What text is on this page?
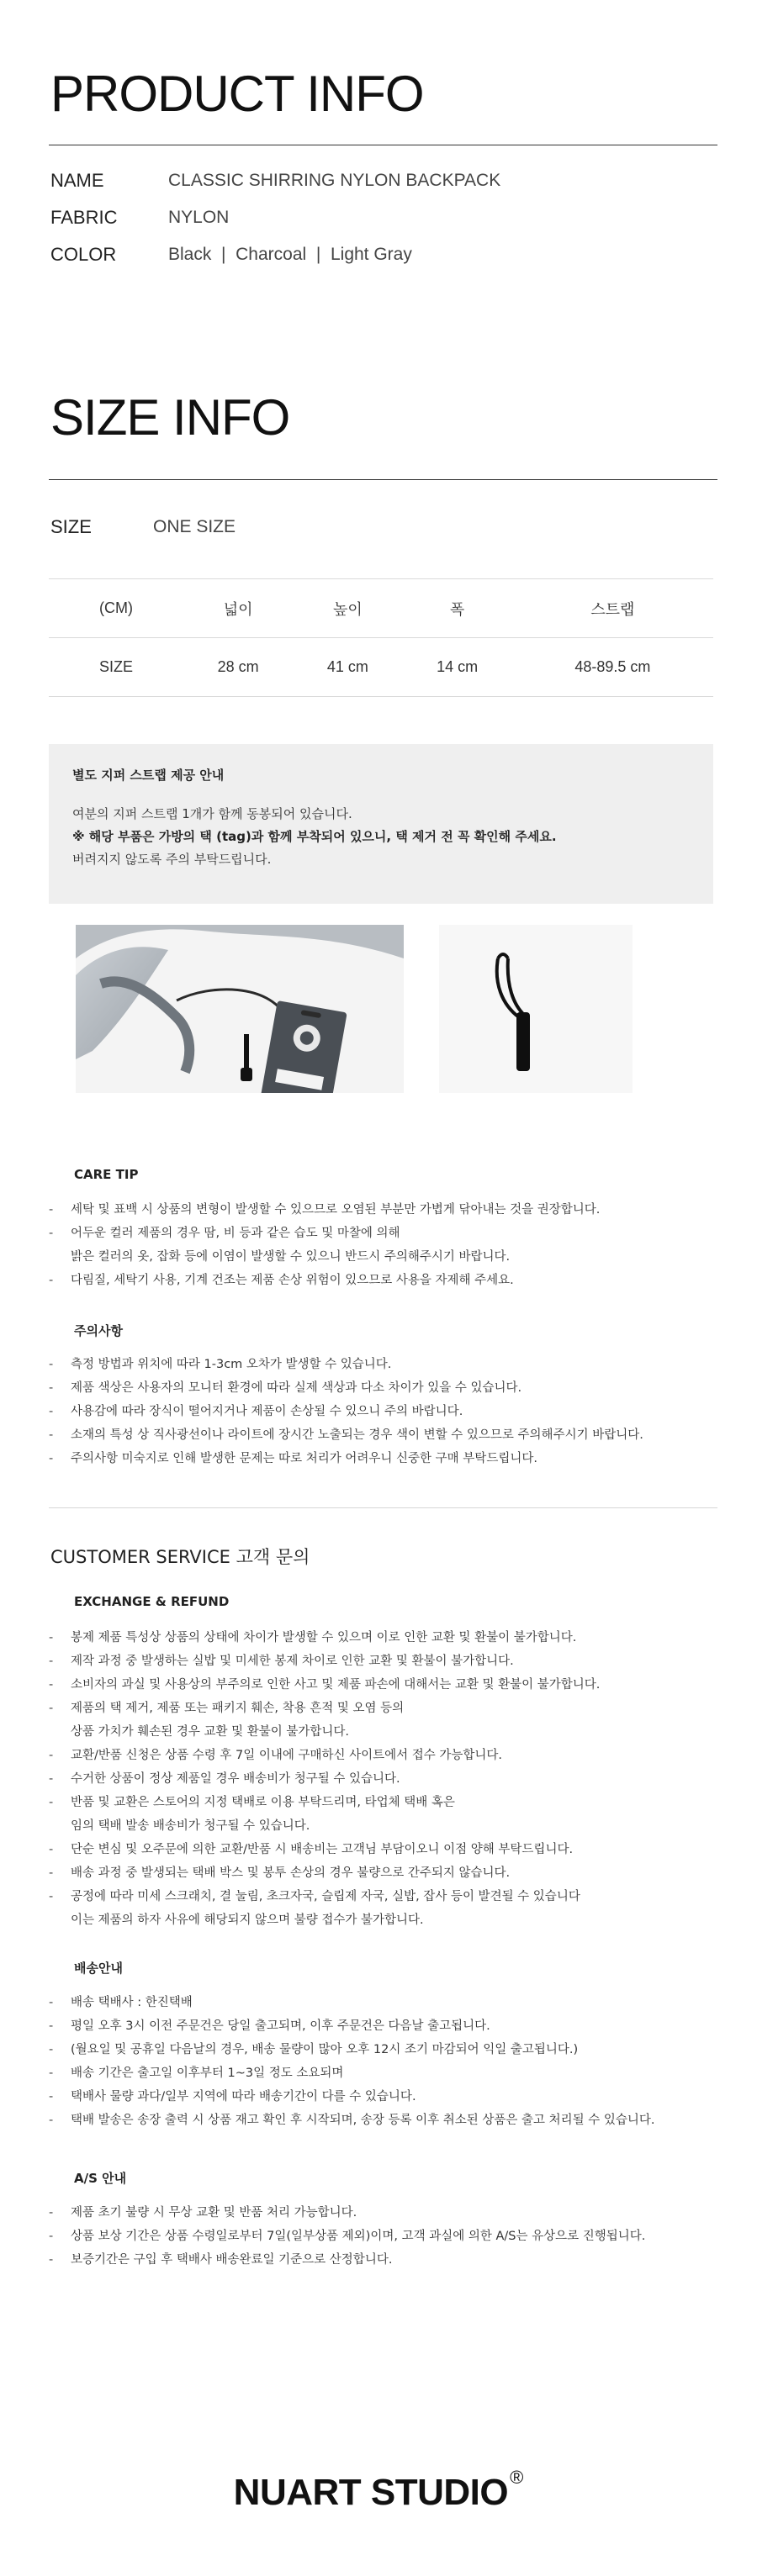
PRODUCT INFO
NAME	CLASSIC SHIRRING NYLON BACKPACK
FABRIC	NYLON
COLOR	Black  |  Charcoal  |  Light Gray
SIZE INFO
SIZE	ONE SIZE
(CM)	넓이	높이	폭	스트랩
SIZE	28 cm	41 cm	14 cm	48-89.5 cm
별도 지퍼 스트랩 제공 안내
여분의 지퍼 스트랩 1개가 함께 동봉되어 있습니다.
※ 해당 부품은 가방의 택 (tag)과 함께 부착되어 있으니, 택 제거 전 꼭 확인해 주세요.
버려지지 않도록 주의 부탁드립니다.
CARE TIP
- 세탁 및 표백 시 상품의 변형이 발생할 수 있으므로 오염된 부분만 가볍게 닦아내는 것을 권장합니다.
- 어두운 컬러 제품의 경우 땀, 비 등과 같은 습도 및 마찰에 의해
밝은 컬러의 옷, 잡화 등에 이염이 발생할 수 있으니 반드시 주의해주시기 바랍니다.
- 다림질, 세탁기 사용, 기계 건조는 제품 손상 위험이 있으므로 사용을 자제해 주세요.
주의사항
- 측정 방법과 위치에 따라 1-3cm 오차가 발생할 수 있습니다.
- 제품 색상은 사용자의 모니터 환경에 따라 실제 색상과 다소 차이가 있을 수 있습니다.
- 사용감에 따라 장식이 떨어지거나 제품이 손상될 수 있으니 주의 바랍니다.
- 소재의 특성 상 직사광선이나 라이트에 장시간 노출되는 경우 색이 변할 수 있으므로 주의해주시기 바랍니다.
- 주의사항 미숙지로 인해 발생한 문제는 따로 처리가 어려우니 신중한 구매 부탁드립니다.
CUSTOMER SERVICE 고객 문의
EXCHANGE & REFUND
- 봉제 제품 특성상 상품의 상태에 차이가 발생할 수 있으며 이로 인한 교환 및 환불이 불가합니다.
- 제작 과정 중 발생하는 실밥 및 미세한 봉제 차이로 인한 교환 및 환불이 불가합니다.
- 소비자의 과실 및 사용상의 부주의로 인한 사고 및 제품 파손에 대해서는 교환 및 환불이 불가합니다.
- 제품의 택 제거, 제품 또는 패키지 훼손, 착용 흔적 및 오염 등의
상품 가치가 훼손된 경우 교환 및 환불이 불가합니다.
- 교환/반품 신청은 상품 수령 후 7일 이내에 구매하신 사이트에서 접수 가능합니다.
- 수거한 상품이 정상 제품일 경우 배송비가 청구될 수 있습니다.
- 반품 및 교환은 스토어의 지정 택배로 이용 부탁드리며, 타업체 택배 혹은
임의 택배 발송 배송비가 청구될 수 있습니다.
- 단순 변심 및 오주문에 의한 교환/반품 시 배송비는 고객님 부담이오니 이점 양해 부탁드립니다.
- 배송 과정 중 발생되는 택배 박스 및 봉투 손상의 경우 불량으로 간주되지 않습니다.
- 공정에 따라 미세 스크래치, 결 눌림, 초크자국, 슬립제 자국, 실밥, 잡사 등이 발견될 수 있습니다
이는 제품의 하자 사유에 해당되지 않으며 불량 접수가 불가합니다.
배송안내
- 배송 택배사 : 한진택배
- 평일 오후 3시 이전 주문건은 당일 출고되며, 이후 주문건은 다음날 출고됩니다.
- (월요일 및 공휴일 다음날의 경우, 배송 물량이 많아 오후 12시 조기 마감되어 익일 출고됩니다.)
- 배송 기간은 출고일 이후부터 1~3일 정도 소요되며
- 택배사 물량 과다/일부 지역에 따라 배송기간이 다를 수 있습니다.
- 택배 발송은 송장 출력 시 상품 재고 확인 후 시작되며, 송장 등록 이후 취소된 상품은 출고 처리될 수 있습니다.
A/S 안내
- 제품 초기 불량 시 무상 교환 및 반품 처리 가능합니다.
- 상품 보상 기간은 상품 수령일로부터 7일(일부상품 제외)이며, 고객 과실에 의한 A/S는 유상으로 진행됩니다.
- 보증기간은 구입 후 택배사 배송완료일 기준으로 산정합니다.
NUART STUDIO®
